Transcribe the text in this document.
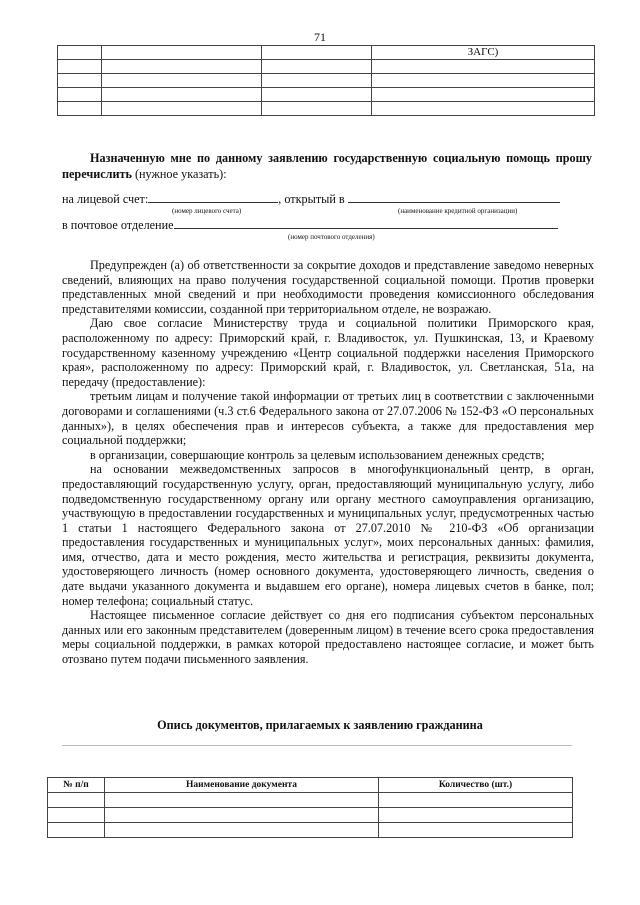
71
			ЗАГС)

Назначенную мне по данному заявлению государственную социальную помощь прошу перечислить (нужное указать):
на лицевой счет:	, открытый в
(номер лицевого счета)	(наименование кредитной организации)
в почтовое отделение
(номер почтового отделения)

Предупрежден (а) об ответственности за сокрытие доходов и представление заведомо неверных сведений, влияющих на право получения государственной социальной помощи. Против проверки представленных мной сведений и при необходимости проведения комиссионного обследования представителями комиссии, созданной при территориальном отделе, не возражаю.

Даю свое согласие Министерству труда и социальной политики Приморского края, расположенному по адресу: Приморский край, г. Владивосток, ул. Пушкинская, 13, и Краевому государственному казенному учреждению «Центр социальной поддержки населения Приморского края», расположенному по адресу: Приморский край, г. Владивосток, ул. Светланская, 51а, на передачу (предоставление):

третьим лицам и получение такой информации от третьих лиц в соответствии с заключенными договорами и соглашениями (ч.3 ст.6 Федерального закона от 27.07.2006 № 152-ФЗ «О персональных данных»), в целях обеспечения прав и интересов субъекта, а также для предоставления мер социальной поддержки;

в организации, совершающие контроль за целевым использованием денежных средств;

на основании межведомственных запросов в многофункциональный центр, в орган, предоставляющий государственную услугу, орган, предоставляющий муниципальную услугу, либо подведомственную государственному органу или органу местного самоуправления организацию, участвующую в предоставлении государственных и муниципальных услуг, предусмотренных частью 1 статьи 1 настоящего Федерального закона от 27.07.2010 № 210-ФЗ «Об организации предоставления государственных и муниципальных услуг», моих персональных данных: фамилия, имя, отчество, дата и место рождения, место жительства и регистрация, реквизиты документа, удостоверяющего личность (номер основного документа, удостоверяющего личность, сведения о дате выдачи указанного документа и выдавшем его органе), номера лицевых счетов в банке, пол; номер телефона; социальный статус.

Настоящее письменное согласие действует со дня его подписания субъектом персональных данных или его законным представителем (доверенным лицом) в течение всего срока предоставления меры социальной поддержки, в рамках которой предоставлено настоящее согласие, и может быть отозвано путем подачи письменного заявления.

Опись документов, прилагаемых к заявлению гражданина
№ п/п	Наименование документа	Количество (шт.)
